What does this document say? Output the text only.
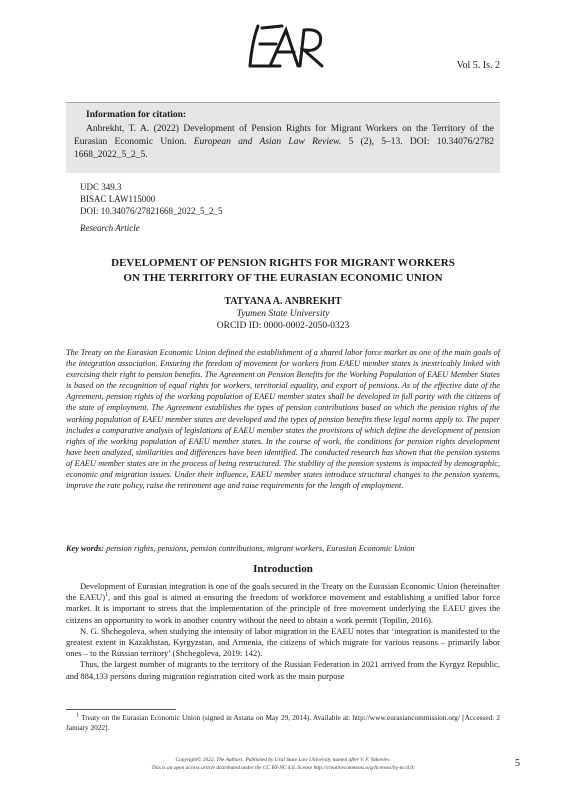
Vol 5. Is. 2
Information for citation:
Anbrekht, T. A. (2022) Development of Pension Rights for Migrant Workers on the Territory of the Eurasian Economic Union. European and Asian Law Review. 5 (2), 5–13. DOI: 10.34076/2782 1668_2022_5_2_5.
UDC 349.3
BISAC LAW115000
DOI: 10.34076/27821668_2022_5_2_5
Research Article
DEVELOPMENT OF PENSION RIGHTS FOR MIGRANT WORKERS
ON THE TERRITORY OF THE EURASIAN ECONOMIC UNION
TATYANA A. ANBREKHT
Tyumen State University
ORCID ID: 0000-0002-2050-0323
The Treaty on the Eurasian Economic Union defined the establishment of a shared labor force market as one of the main goals of the integration association. Ensuring the freedom of movement for workers from EAEU member states is inextricably linked with exercising their right to pension benefits. The Agreement on Pension Benefits for the Working Population of EAEU Member States is based on the recognition of equal rights for workers, territorial equality, and export of pensions. As of the effective date of the Agreement, pension rights of the working population of EAEU member states shall be developed in full parity with the citizens of the state of employment. The Agreement establishes the types of pension contributions based on which the pension rights of the working population of EAEU member states are developed and the types of pension benefits these legal norms apply to. The paper includes a comparative analysis of legislations of EAEU member states the provisions of which define the development of pension rights of the working population of EAEU member states. In the course of work, the conditions for pension rights development have been analyzed, similarities and differences have been identified. The conducted research has shown that the pension systems of EAEU member states are in the process of being restructured. The stability of the pension systems is impacted by demographic, economic and migration issues. Under their influence, EAEU member states introduce structural changes to the pension systems, improve the rate policy, raise the retirement age and raise requirements for the length of employment.
Key words: pension rights, pensions, pension contributions, migrant workers, Eurasian Economic Union
Introduction

Development of Eurasian integration is one of the goals secured in the Treaty on the Eurasian Economic Union (hereinafter the EAEU)$^1$, and this goal is aimed at ensuring the freedom of workforce movement and establishing a unified labor force market. It is important to stress that the implementation of the principle of free movement underlying the EAEU gives the citizens an opportunity to work in another country without the need to obtain a work permit (Topilin, 2016).

N. G. Shchegoleva, when studying the intensity of labor migration in the EAEU notes that ‘integration is manifested to the greatest extent in Kazakhstan, Kyrgyzstan, and Armenia, the citizens of which migrate for various reasons – primarily labor ones – to the Russian territory’ (Shchegoleva, 2019: 142).

Thus, the largest number of migrants to the territory of the Russian Federation in 2021 arrived from the Kyrgyz Republic, and 884,133 persons during migration registration cited work as the main purpose

$^1$ Treaty on the Eurasian Economic Union (signed in Astana on May 29, 2014). Available at: http://www.eurasiancommission.org/ [Accessed: 2 January 2022].
Copyright© 2022, The Authors. Published by Ural State Law University named after V. F. Yakovlev.
This is an open access article distributed under the CC BY-NC 4.0. license http://creativecommons.org/licenses/by-nc/4.0/	5
